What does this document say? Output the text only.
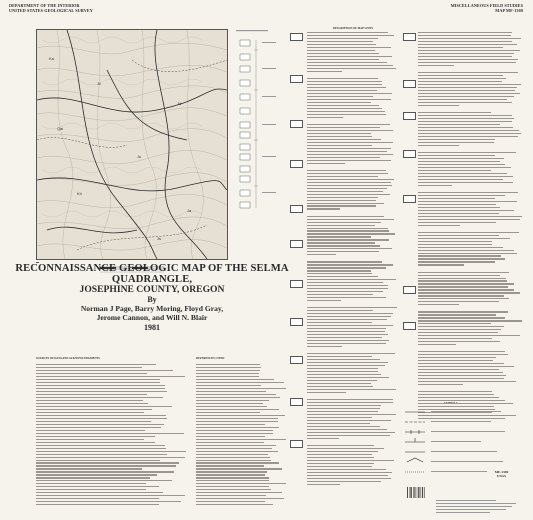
DEPARTMENT OF THE INTERIOR
UNITED STATES GEOLOGICAL SURVEY
MISCELLANEOUS FIELD STUDIES
MAP MF-1369
Ka
Jv
Jd
Ju
Kh
Ja
Qal
Js
▬
RECONNAISSANCE GEOLOGIC MAP OF THE SELMA QUADRANGLE,
JOSEPHINE COUNTY, OREGON
By
Norman J Page, Barry Moring, Floyd Gray,
Jerome Cannon, and Will N. Blair
1981
DESCRIPTION OF MAP UNITS
SOURCES OF DATA AND ACKNOWLEDGMENTS	REFERENCES CITED
MF-1369
USGS
